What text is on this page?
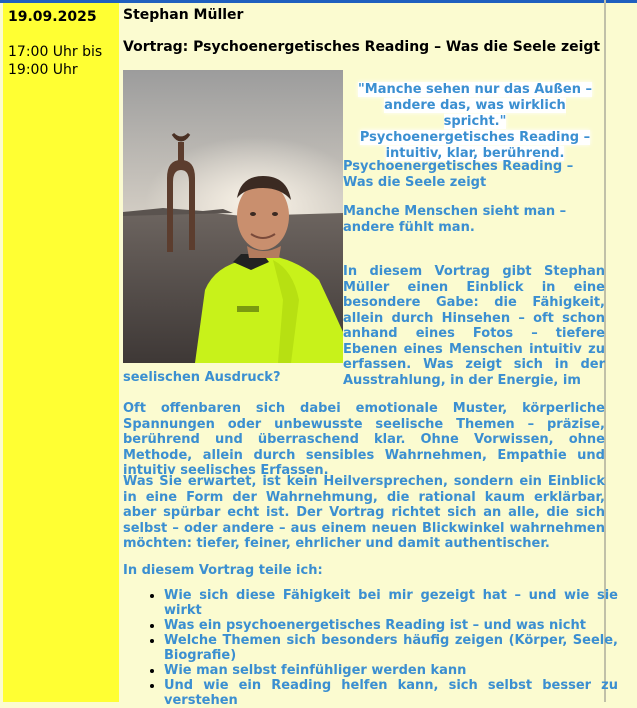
19.09.2025
17:00 Uhr bis 19:00 Uhr
Stephan Müller
Vortrag: Psychoenergetisches Reading – Was die Seele zeigt
"Manche sehen nur das Außen –
andere das, was wirklich spricht."
Psychoenergetisches Reading –
intuitiv, klar, berührend.
Psychoenergetisches Reading – Was die Seele zeigt
Manche Menschen sieht man – andere fühlt man.
In diesem Vortrag gibt Stephan Müller einen Einblick in eine besondere Gabe: die Fähigkeit, allein durch Hinsehen – oft schon anhand eines Fotos – tiefere Ebenen eines Menschen intuitiv zu erfassen. Was zeigt sich in der Ausstrahlung, in der Energie, im
seelischen Ausdruck?
Oft offenbaren sich dabei emotionale Muster, körperliche Spannungen oder unbewusste seelische Themen – präzise, berührend und überraschend klar. Ohne Vorwissen, ohne Methode, allein durch sensibles Wahrnehmen, Empathie und intuitiv seelisches Erfassen.
Was Sie erwartet, ist kein Heilversprechen, sondern ein Einblick in eine Form der Wahrnehmung, die rational kaum erklärbar, aber spürbar echt ist. Der Vortrag richtet sich an alle, die sich selbst – oder andere – aus einem neuen Blickwinkel wahrnehmen möchten: tiefer, feiner, ehrlicher und damit authentischer.
In diesem Vortrag teile ich:
• Wie sich diese Fähigkeit bei mir gezeigt hat – und wie sie wirkt
• Was ein psychoenergetisches Reading ist – und was nicht
• Welche Themen sich besonders häufig zeigen (Körper, Seele, Biografie)
• Wie man selbst feinfühliger werden kann
• Und wie ein Reading helfen kann, sich selbst besser zu verstehen
